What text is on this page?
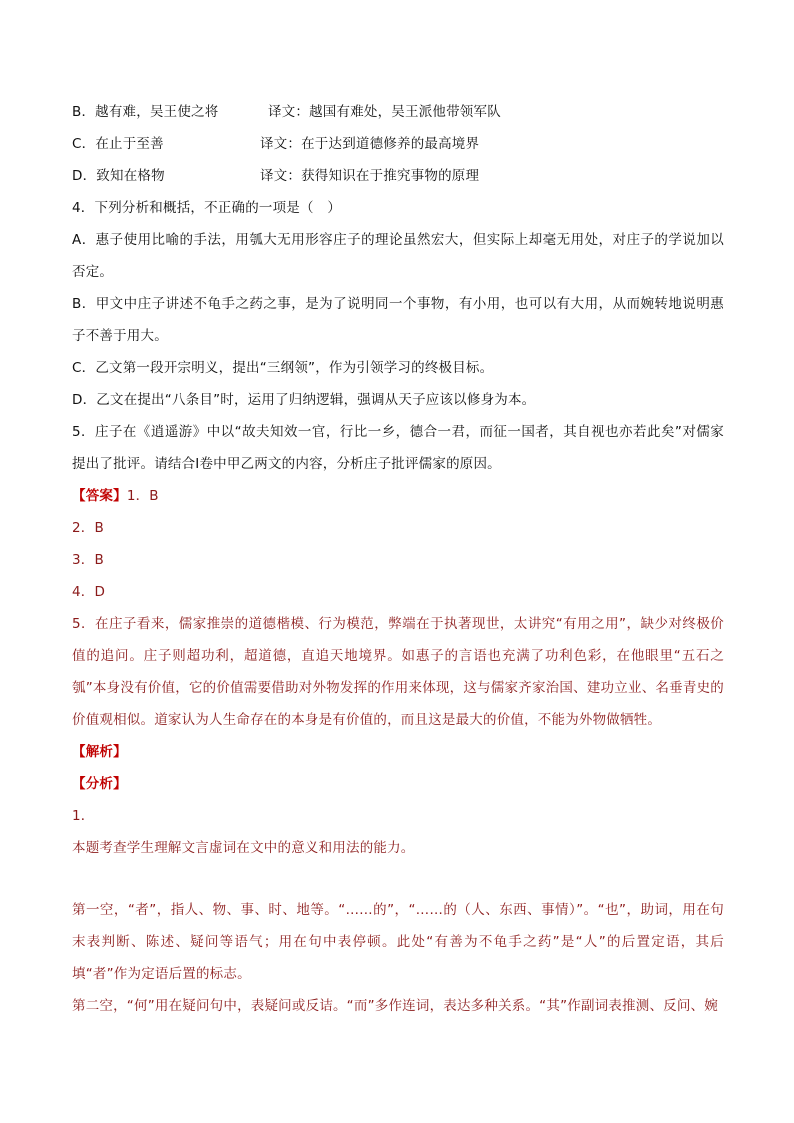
B．越有难，吴王使之将	译文：越国有难处，吴王派他带领军队
C．在止于至善	译文：在于达到道德修养的最高境界
D．致知在格物	译文：获得知识在于推究事物的原理
4．下列分析和概括，不正确的一项是（　）
A．惠子使用比喻的手法，用瓠大无用形容庄子的理论虽然宏大，但实际上却毫无用处，对庄子的学说加以否定。
B．甲文中庄子讲述不龟手之药之事，是为了说明同一个事物，有小用，也可以有大用，从而婉转地说明惠子不善于用大。
C．乙文第一段开宗明义，提出“三纲领”，作为引领学习的终极目标。
D．乙文在提出“八条目”时，运用了归纳逻辑，强调从天子应该以修身为本。
5．庄子在《逍遥游》中以“故夫知效一官，行比一乡，德合一君，而征一国者，其自视也亦若此矣”对儒家提出了批评。请结合Ⅰ卷中甲乙两文的内容，分析庄子批评儒家的原因。
【答案】1．B
2．B
3．B
4．D
5．在庄子看来，儒家推崇的道德楷模、行为模范，弊端在于执著现世，太讲究“有用之用”，缺少对终极价值的追问。庄子则超功利，超道德，直追天地境界。如惠子的言语也充满了功利色彩，在他眼里“五石之瓠”本身没有价值，它的价值需要借助对外物发挥的作用来体现，这与儒家齐家治国、建功立业、名垂青史的价值观相似。道家认为人生命存在的本身是有价值的，而且这是最大的价值，不能为外物做牺牲。
【解析】
【分析】
1．
本题考查学生理解文言虚词在文中的意义和用法的能力。
第一空，“者”，指人、物、事、时、地等。“……的”，“……的（人、东西、事情）”。“也”，助词，用在句末表判断、陈述、疑问等语气；用在句中表停顿。此处“有善为不龟手之药”是“人”的后置定语，其后填“者”作为定语后置的标志。
第二空，“何”用在疑问句中，表疑问或反诘。“而”多作连词，表达多种关系。“其”作副词表推测、反问、婉
